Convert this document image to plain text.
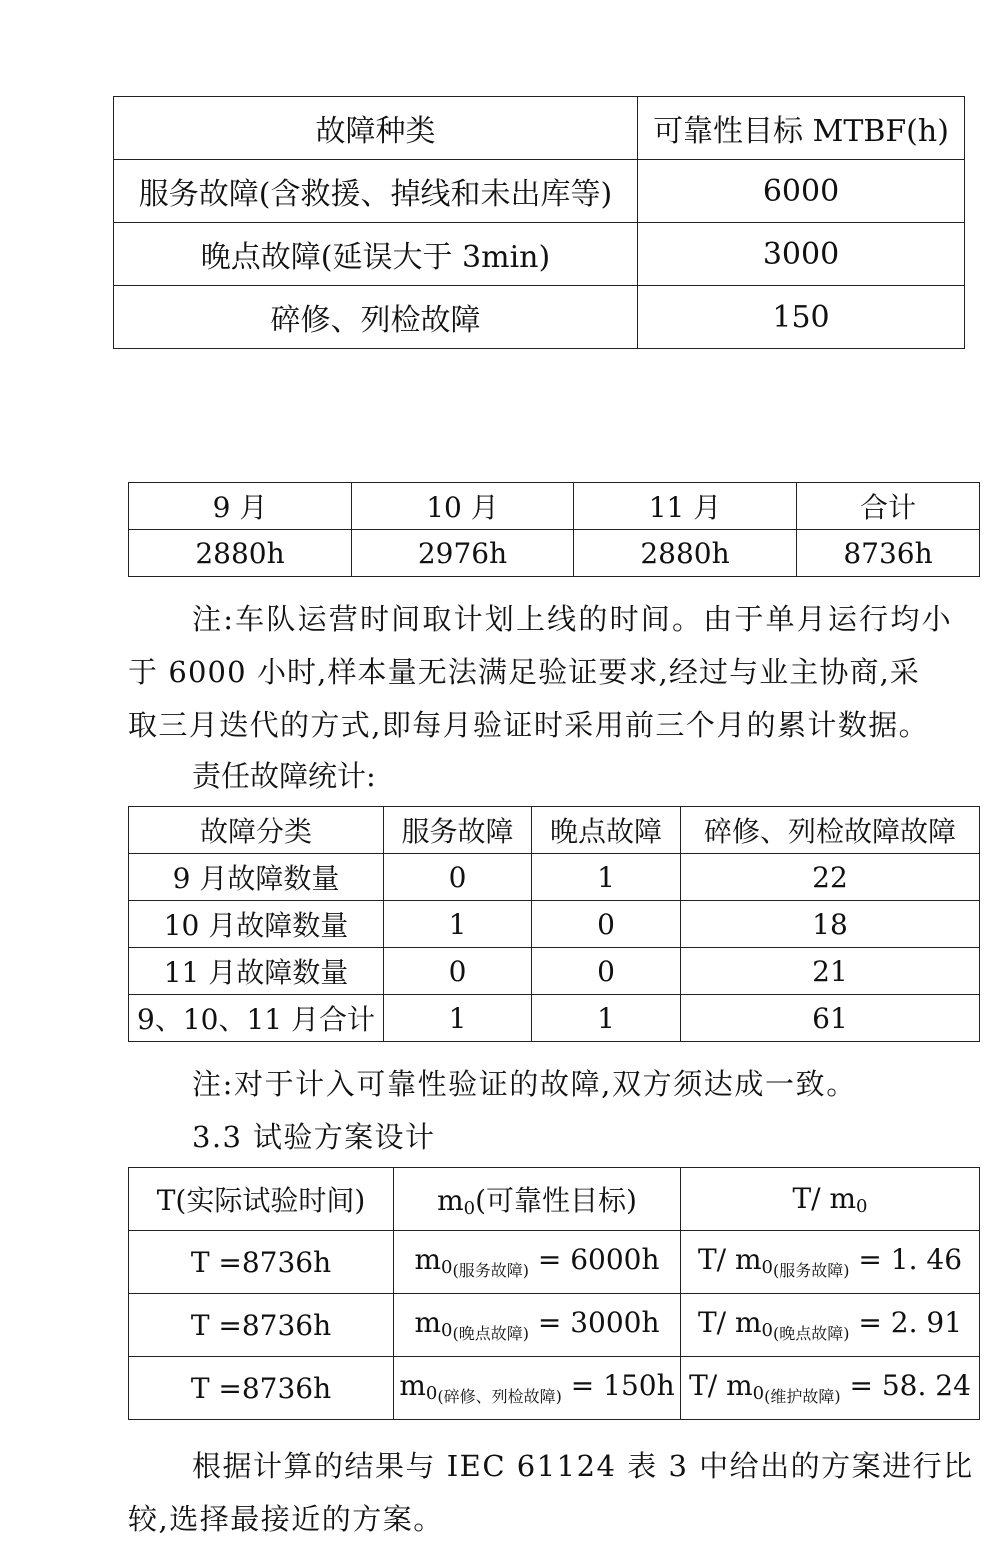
故障种类	可靠性目标 MTBF(h)
服务故障(含救援、掉线和未出库等)	6000
晚点故障(延误大于 3min)	3000
碎修、列检故障	150
9 月	10 月	11 月	合计
2880h	2976h	2880h	8736h
注:车队运营时间取计划上线的时间。由于单月运行均小
于 6000 小时,样本量无法满足验证要求,经过与业主协商,采
取三月迭代的方式,即每月验证时采用前三个月的累计数据。
责任故障统计:
故障分类	服务故障	晚点故障	碎修、列检故障故障
9 月故障数量	0	1	22
10 月故障数量	1	0	18
11 月故障数量	0	0	21
9、10、11 月合计	1	1	61
注:对于计入可靠性验证的故障,双方须达成一致。
3.3 试验方案设计
T(实际试验时间)	$m_0$(可靠性目标)	T/ $m_0$
T =8736h	$m_{0(服务故障)} = 6000h$	T/ $m_{0(服务故障)} = 1$. 46
T =8736h	$m_{0(晚点故障)} = 3000h$	T/ $m_{0(晚点故障)} = 2$. 91
T =8736h	$m_{0(碎修、列检故障)} = 150h$	T/ $m_{0(维护故障)} = 58$. 24
根据计算的结果与 IEC 61124 表 3 中给出的方案进行比
较,选择最接近的方案。
